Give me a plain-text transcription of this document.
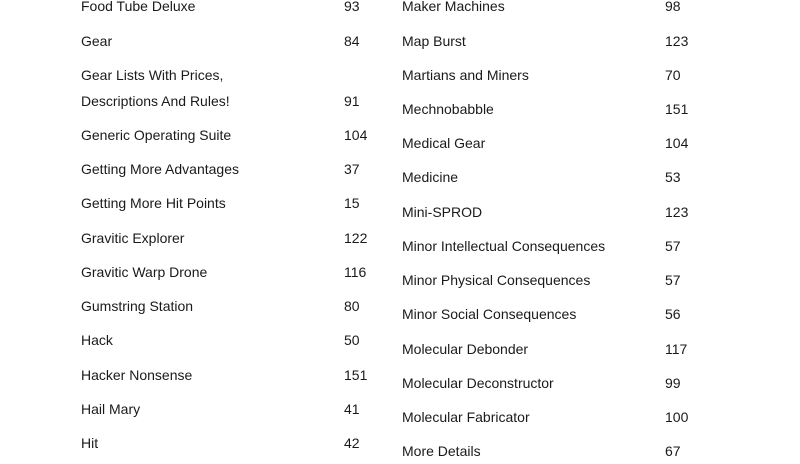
Food Tube Deluxe	93
Gear	84
Gear Lists With Prices,
Descriptions And Rules!	91
Generic Operating Suite	104
Getting More Advantages	37
Getting More Hit Points	15
Gravitic Explorer	122
Gravitic Warp Drone	116
Gumstring Station	80
Hack	50
Hacker Nonsense	151
Hail Mary	41
Hit	42
Maker Machines	98
Map Burst	123
Martians and Miners	70
Mechnobabble	151
Medical Gear	104
Medicine	53
Mini-SPROD	123
Minor Intellectual Consequences	57
Minor Physical Consequences	57
Minor Social Consequences	56
Molecular Debonder	117
Molecular Deconstructor	99
Molecular Fabricator	100
More Details	67
